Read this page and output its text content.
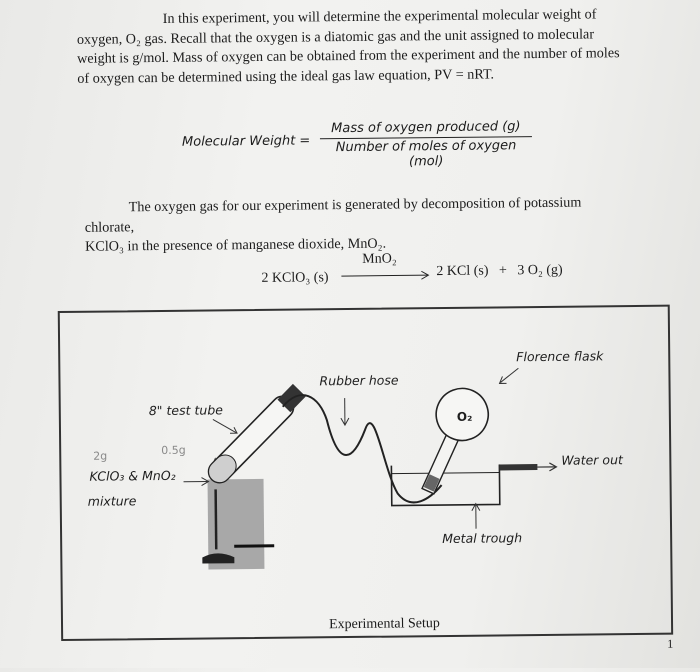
In this experiment, you will determine the experimental molecular weight of

oxygen, O₂ gas. Recall that the oxygen is a diatomic gas and the unit assigned to molecular

weight is g/mol. Mass of oxygen can be obtained from the experiment and the number of moles

of oxygen can be determined using the ideal gas law equation, PV = nRT.

Molecular Weight =
Mass of oxygen produced (g)
Number of moles of oxygen (mol)

The oxygen gas for our experiment is generated by decomposition of potassium chlorate,

KClO₃ in the presence of manganese dioxide, MnO₂.

2 KClO₃ (s)
MnO₂
2 KCl (s)   +   3 O₂ (g)
8" test tube
Rubber hose
Florence flask
O₂
KClO₃ & MnO₂
mixture
Water out
Metal trough
2g	0.5g
Experimental Setup
1
